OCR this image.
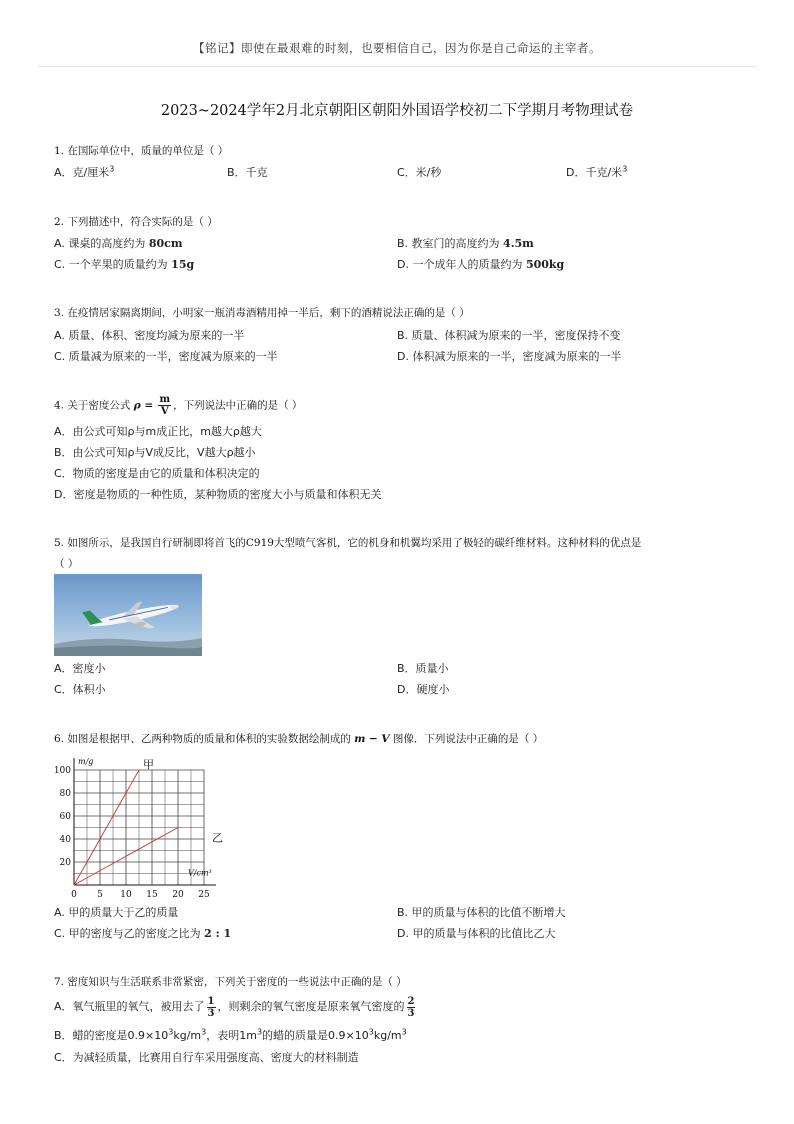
【铭记】即使在最艰难的时刻，也要相信自己，因为你是自己命运的主宰者。
2023~2024学年2月北京朝阳区朝阳外国语学校初二下学期月考物理试卷
1. 在国际单位中，质量的单位是（ ）
A．克/厘米$^3$	B．千克	C．米/秒	D．千克/米$^3$
2. 下列描述中，符合实际的是（ ）
A. 课桌的高度约为 80cm	B. 教室门的高度约为 4.5m
C. 一个苹果的质量约为 15g	D. 一个成年人的质量约为 500kg
3. 在疫情居家隔离期间，小明家一瓶消毒酒精用掉一半后，剩下的酒精说法正确的是（ ）
A. 质量、体积、密度均减为原来的一半	B. 质量、体积减为原来的一半，密度保持不变
C. 质量减为原来的一半，密度减为原来的一半	D. 体积减为原来的一半，密度减为原来的一半
4. 关于密度公式 $\rho = \frac{m}{V}$ ，下列说法中正确的是（ ）
A．由公式可知ρ与m成正比，m越大ρ越大
B．由公式可知ρ与V成反比，V越大ρ越小
C．物质的密度是由它的质量和体积决定的
D．密度是物质的一种性质，某种物质的密度大小与质量和体积无关
5. 如图所示，是我国自行研制即将首飞的C919大型喷气客机，它的机身和机翼均采用了极轻的碳纤维材料。这种材料的优点是
（ ）
A．密度小	B．质量小
C．体积小	D．硬度小
6. 如图是根据甲、乙两种物质的质量和体积的实验数据绘制成的 m − V 图像．下列说法中正确的是（ ）
0 5 10 15 20 25
20
40
60
80
100
m/g
V/cm³
甲
乙
A. 甲的质量大于乙的质量	B. 甲的质量与体积的比值不断增大
C. 甲的密度与乙的密度之比为 2 : 1	D. 甲的质量与体积的比值比乙大
7. 密度知识与生活联系非常紧密，下列关于密度的一些说法中正确的是（ ）
A．氧气瓶里的氧气，被用去了 $\frac{1}{3}$ ，则剩余的氧气密度是原来氧气密度的 $\frac{2}{3}$
B．蜡的密度是$0.9\times 10^3kg/m^3$，表明$1m^3$的蜡的质量是$0.9\times 10^3kg/m^3$
C．为减轻质量，比赛用自行车采用强度高、密度大的材料制造
